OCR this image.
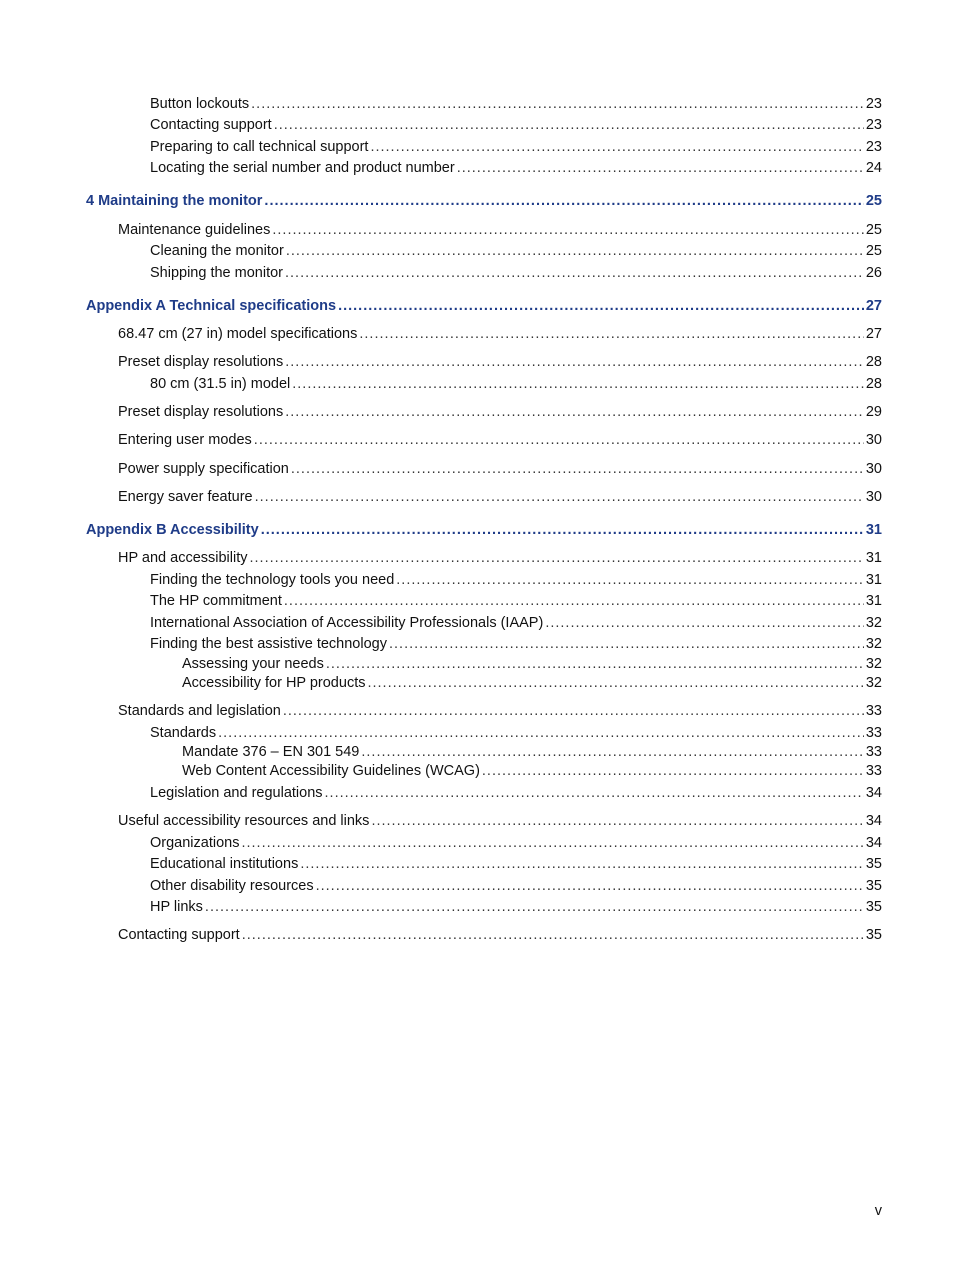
Button lockouts .....	23
Contacting support .....	23
Preparing to call technical support .....	23
Locating the serial number and product number .....	24
4 Maintaining the monitor .....	25
Maintenance guidelines .....	25
Cleaning the monitor .....	25
Shipping the monitor .....	26
Appendix A Technical specifications .....	27
68.47 cm (27 in) model specifications .....	27
Preset display resolutions .....	28
80 cm (31.5 in) model .....	28
Preset display resolutions .....	29
Entering user modes .....	30
Power supply specification .....	30
Energy saver feature .....	30
Appendix B Accessibility .....	31
HP and accessibility .....	31
Finding the technology tools you need .....	31
The HP commitment .....	31
International Association of Accessibility Professionals (IAAP) .....	32
Finding the best assistive technology .....	32
Assessing your needs .....	32
Accessibility for HP products .....	32
Standards and legislation .....	33
Standards .....	33
Mandate 376 – EN 301 549 .....	33
Web Content Accessibility Guidelines (WCAG) .....	33
Legislation and regulations .....	34
Useful accessibility resources and links .....	34
Organizations .....	34
Educational institutions .....	35
Other disability resources .....	35
HP links .....	35
Contacting support .....	35
v
